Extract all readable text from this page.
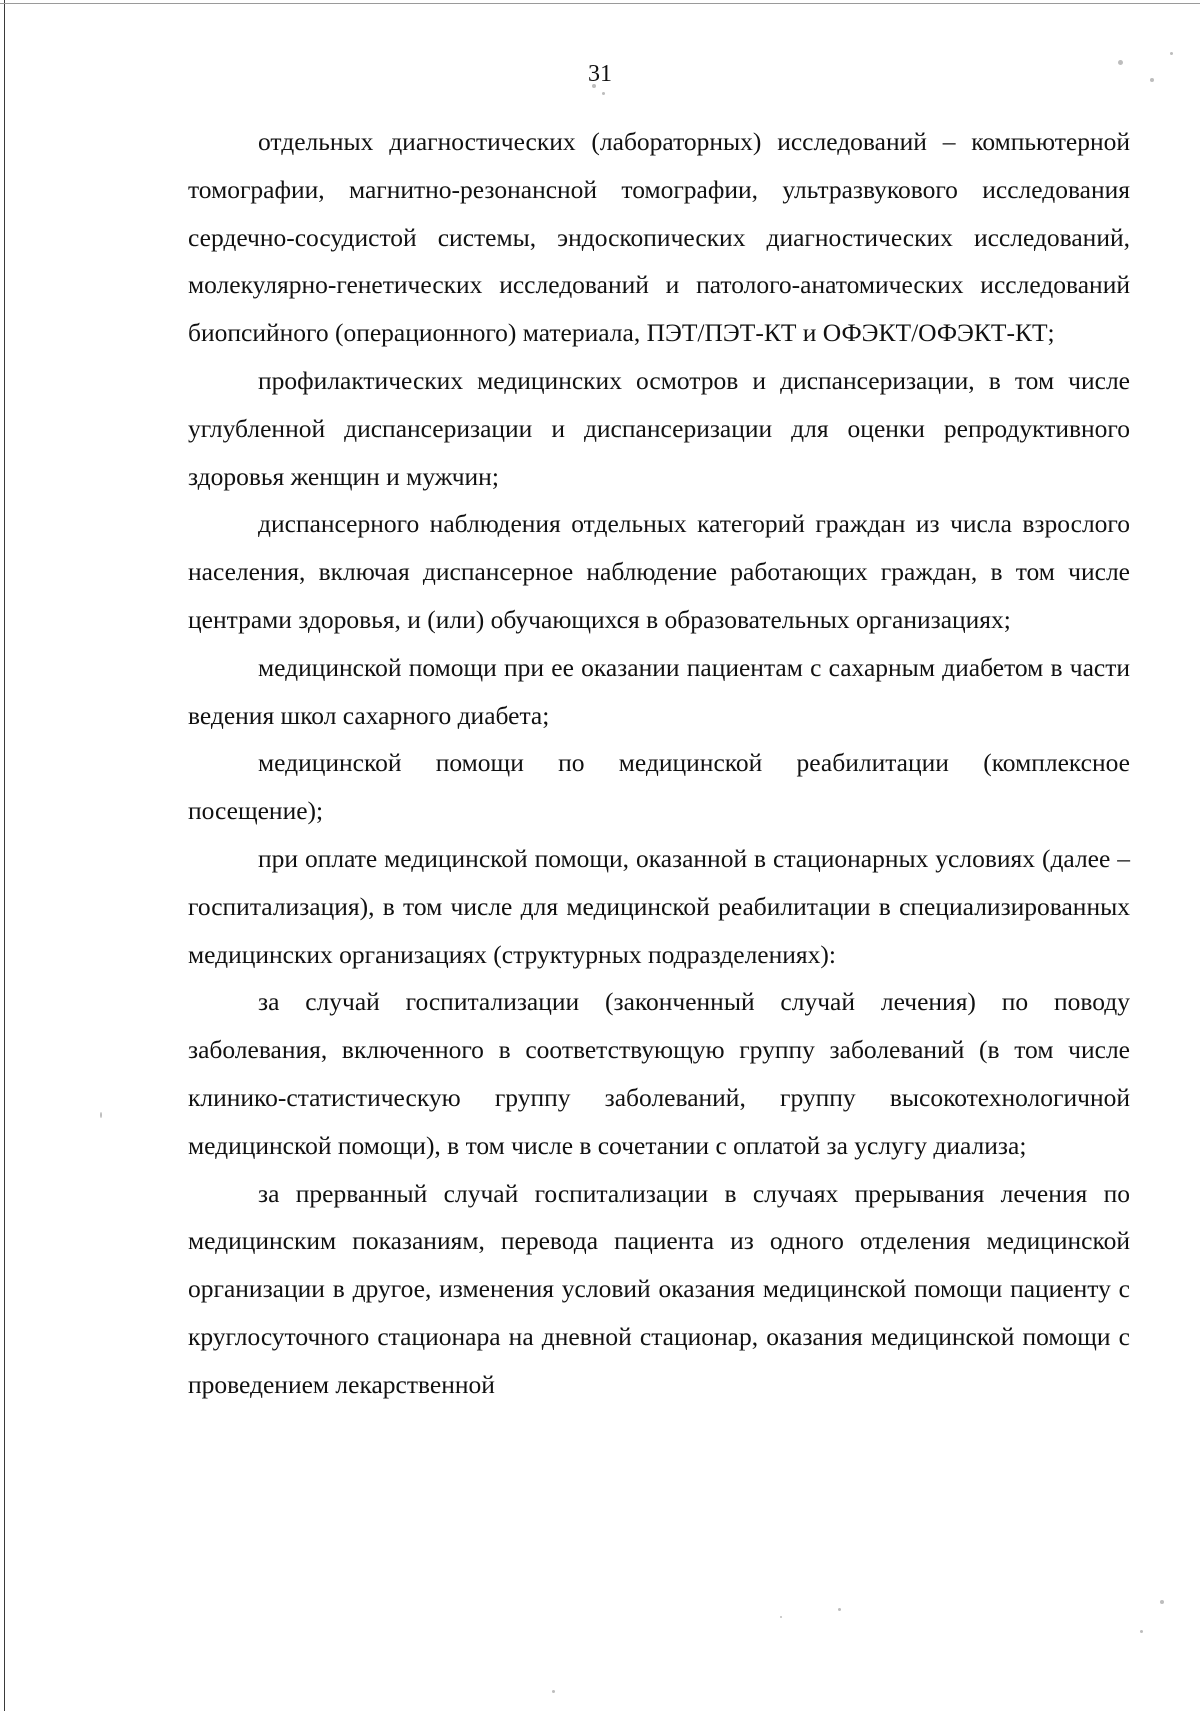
31

отдельных диагностических (лабораторных) исследований – компьютерной томографии, магнитно-резонансной томографии, ультразвукового исследования сердечно-сосудистой системы, эндоскопических диагностических исследований, молекулярно-генетических исследований и патолого-анатомических исследований биопсийного (операционного) материала, ПЭТ/ПЭТ-КТ и ОФЭКТ/ОФЭКТ-КТ;

профилактических медицинских осмотров и диспансеризации, в том числе углубленной диспансеризации и диспансеризации для оценки репродуктивного здоровья женщин и мужчин;

диспансерного наблюдения отдельных категорий граждан из числа взрослого населения, включая диспансерное наблюдение работающих граждан, в том числе центрами здоровья, и (или) обучающихся в образовательных организациях;

медицинской помощи при ее оказании пациентам с сахарным диабетом в части ведения школ сахарного диабета;

медицинской помощи по медицинской реабилитации (комплексное посещение);

при оплате медицинской помощи, оказанной в стационарных условиях (далее – госпитализация), в том числе для медицинской реабилитации в специализированных медицинских организациях (структурных подразделениях):

за случай госпитализации (законченный случай лечения) по поводу заболевания, включенного в соответствующую группу заболеваний (в том числе клинико-статистическую группу заболеваний, группу высокотехнологичной медицинской помощи), в том числе в сочетании с оплатой за услугу диализа;

за прерванный случай госпитализации в случаях прерывания лечения по медицинским показаниям, перевода пациента из одного отделения медицинской организации в другое, изменения условий оказания медицинской помощи пациенту с круглосуточного стационара на дневной стационар, оказания медицинской помощи с проведением лекарственной
